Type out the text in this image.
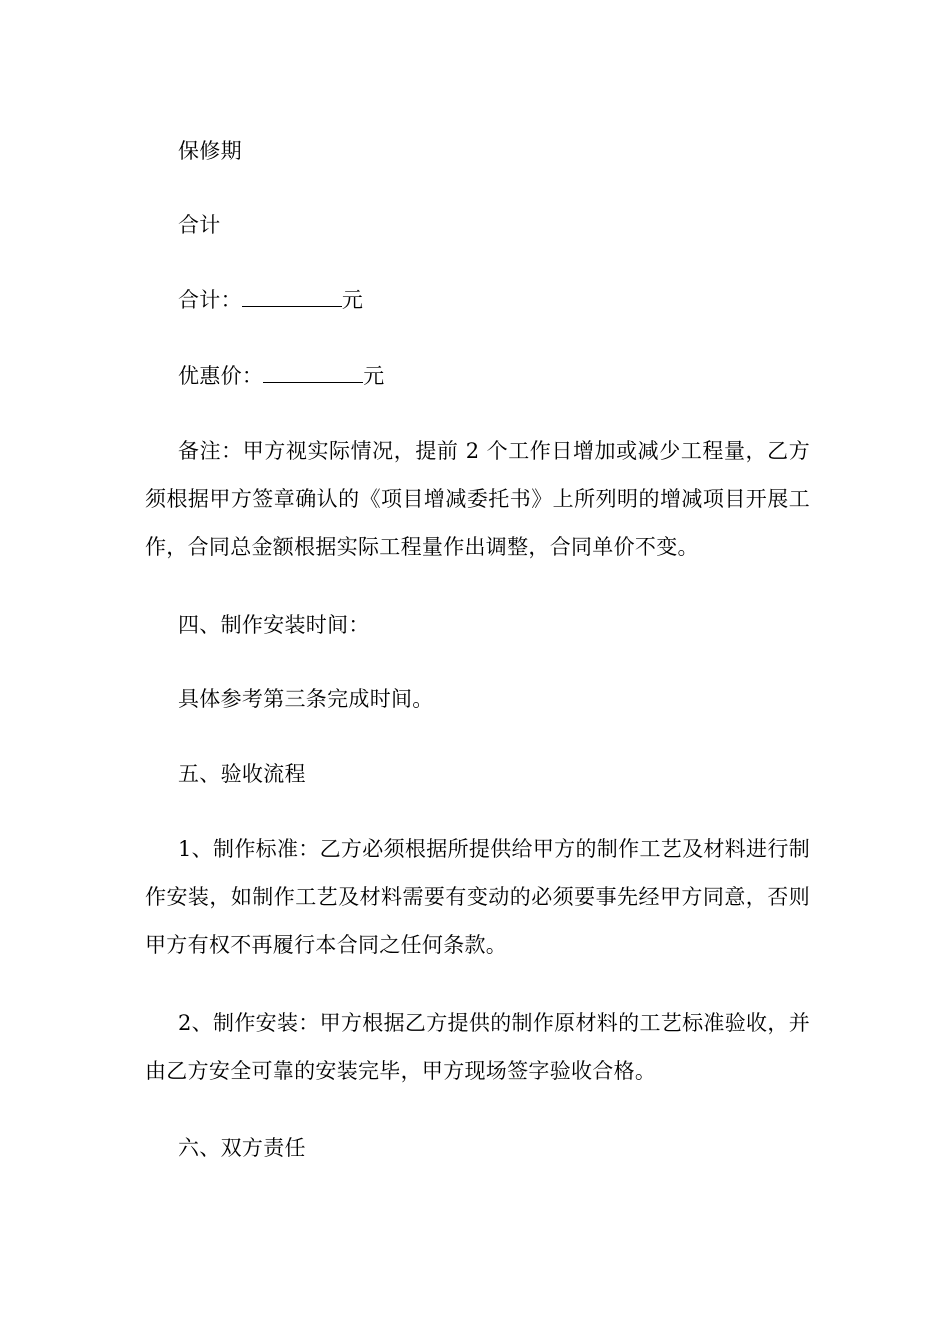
保修期

合计

合计：	元

优惠价：	元

备注：甲方视实际情况，提前 2 个工作日增加或减少工程量，乙方须根据甲方签章确认的《项目增减委托书》上所列明的增减项目开展工作，合同总金额根据实际工程量作出调整，合同单价不变。

四、制作安装时间：

具体参考第三条完成时间。

五、验收流程

1、制作标准：乙方必须根据所提供给甲方的制作工艺及材料进行制作安装，如制作工艺及材料需要有变动的必须要事先经甲方同意，否则甲方有权不再履行本合同之任何条款。

2、制作安装：甲方根据乙方提供的制作原材料的工艺标准验收，并由乙方安全可靠的安装完毕，甲方现场签字验收合格。

六、双方责任
